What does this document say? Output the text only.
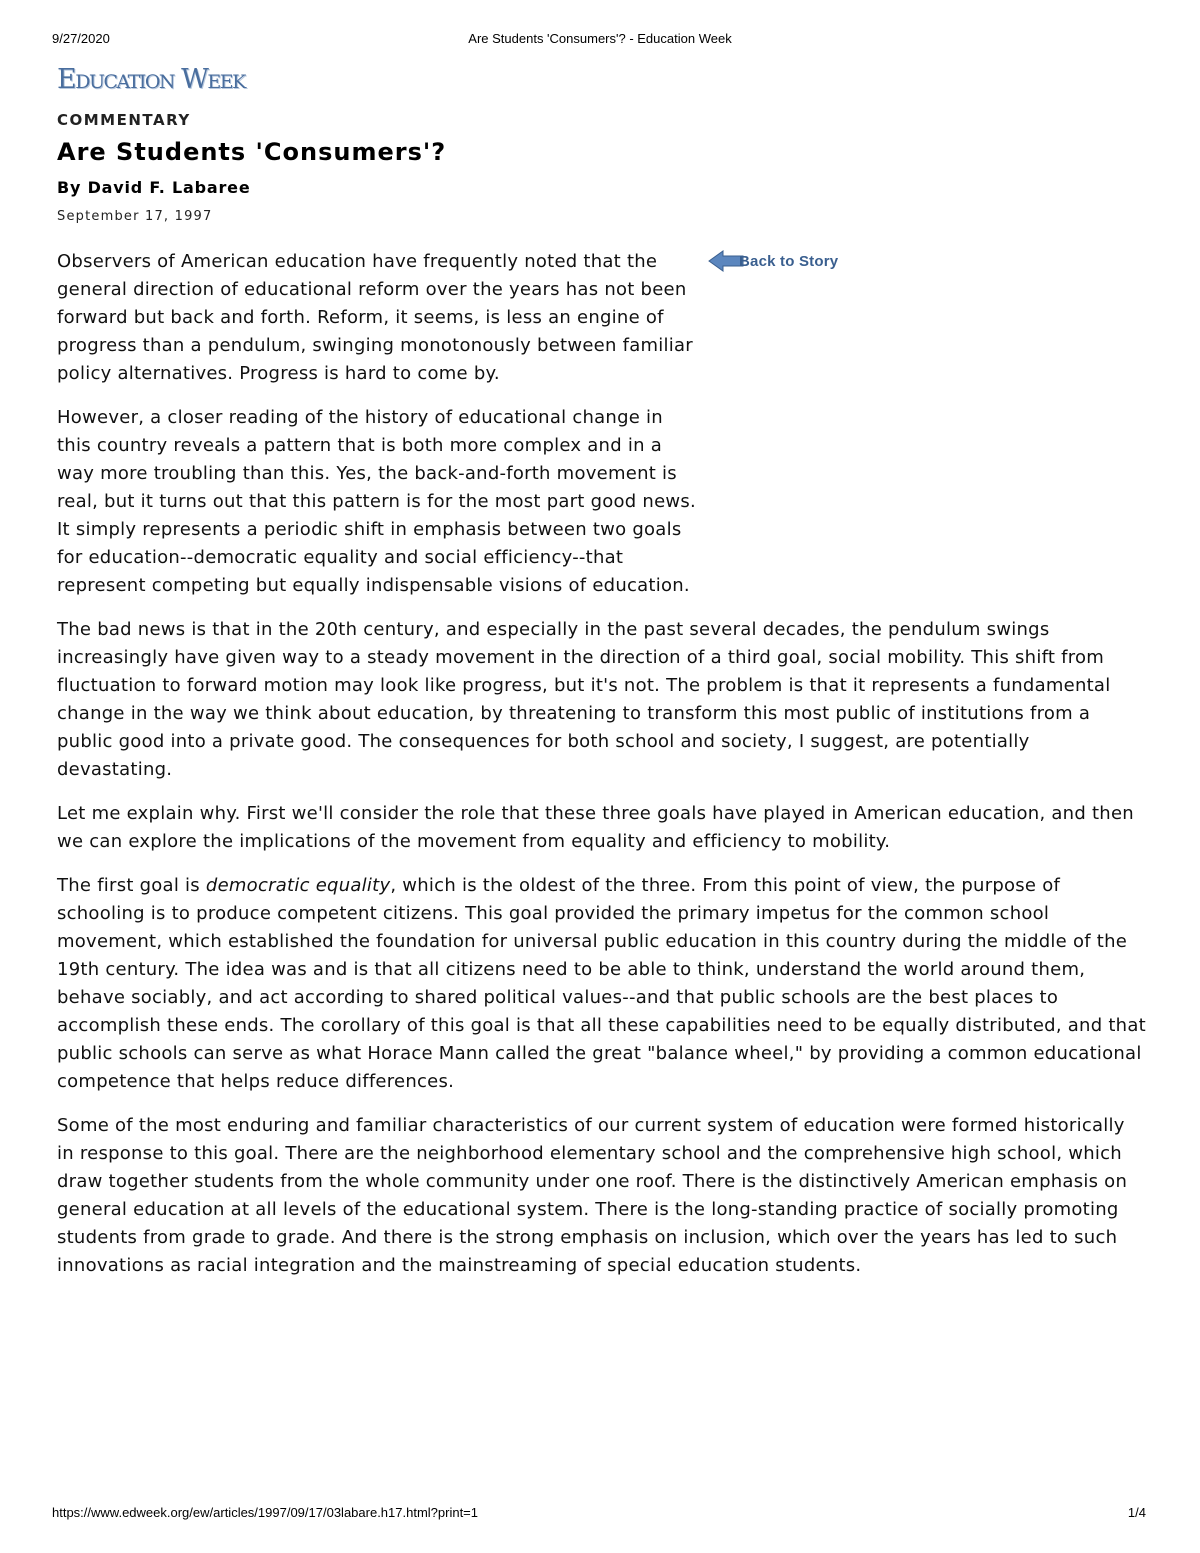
9/27/2020	Are Students 'Consumers'? - Education Week
Education Week
COMMENTARY
Are Students 'Consumers'?
By David F. Labaree
September 17, 1997
Back to Story

Observers of American education have frequently noted that the general direction of educational reform over the years has not been forward but back and forth. Reform, it seems, is less an engine of progress than a pendulum, swinging monotonously between familiar policy alternatives. Progress is hard to come by.

However, a closer reading of the history of educational change in this country reveals a pattern that is both more complex and in a way more troubling than this. Yes, the back-and-forth movement is real, but it turns out that this pattern is for the most part good news. It simply represents a periodic shift in emphasis between two goals for education--democratic equality and social efficiency--that represent competing but equally indispensable visions of education.

The bad news is that in the 20th century, and especially in the past several decades, the pendulum swings increasingly have given way to a steady movement in the direction of a third goal, social mobility. This shift from fluctuation to forward motion may look like progress, but it's not. The problem is that it represents a fundamental change in the way we think about education, by threatening to transform this most public of institutions from a public good into a private good. The consequences for both school and society, I suggest, are potentially devastating.

Let me explain why. First we'll consider the role that these three goals have played in American education, and then we can explore the implications of the movement from equality and efficiency to mobility.

The first goal is democratic equality, which is the oldest of the three. From this point of view, the purpose of schooling is to produce competent citizens. This goal provided the primary impetus for the common school movement, which established the foundation for universal public education in this country during the middle of the 19th century. The idea was and is that all citizens need to be able to think, understand the world around them, behave sociably, and act according to shared political values--and that public schools are the best places to accomplish these ends. The corollary of this goal is that all these capabilities need to be equally distributed, and that public schools can serve as what Horace Mann called the great "balance wheel," by providing a common educational competence that helps reduce differences.

Some of the most enduring and familiar characteristics of our current system of education were formed historically in response to this goal. There are the neighborhood elementary school and the comprehensive high school, which draw together students from the whole community under one roof. There is the distinctively American emphasis on general education at all levels of the educational system. There is the long-standing practice of socially promoting students from grade to grade. And there is the strong emphasis on inclusion, which over the years has led to such innovations as racial integration and the mainstreaming of special education students.

https://www.edweek.org/ew/articles/1997/09/17/03labare.h17.html?print=1	1/4
